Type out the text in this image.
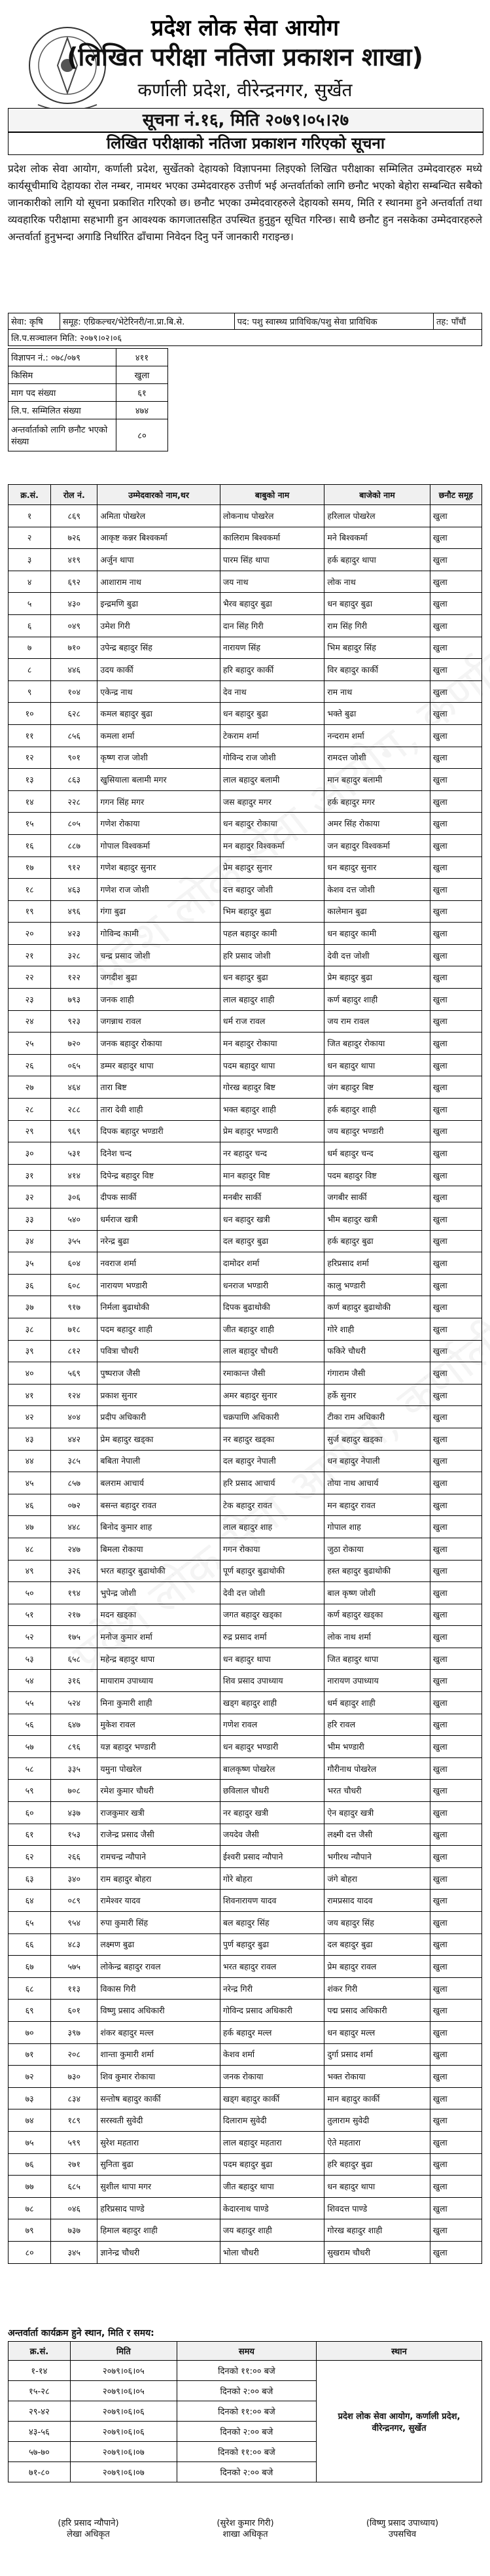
प्रदेश लोक सेवा आयोग
(लिखित परीक्षा नतिजा प्रकाशन शाखा)
कर्णाली प्रदेश, वीरेन्द्रनगर, सुर्खेत
सूचना नं.१६, मिति २०७९।०५।२७
लिखित परीक्षाको नतिजा प्रकाशन गरिएको सूचना
प्रदेश लोक सेवा आयोग, कर्णाली प्रदेश, सुर्खेतको देहायको विज्ञापनमा लिइएको लिखित परीक्षाका सम्मिलित उम्मेदवारहरु मध्ये कार्यसूचीमाथि देहायका रोल नम्बर, नामथर भएका उम्मेदवारहरु उत्तीर्ण भई अन्तर्वार्ताको लागि छनौट भएको बेहोरा सम्बन्धित सबैको जानकारीको लागि यो सूचना प्रकाशित गरिएको छ। छनौट भएका उम्मेदवारहरुले देहायको समय, मिति र स्थानमा हुने अन्तर्वार्ता तथा व्यवहारिक परीक्षामा सहभागी हुन आवश्यक कागजातसहित उपस्थित हुनुहुन सूचित गरिन्छ। साथै छनौट हुन नसकेका उम्मेदवारहरुले अन्तर्वार्ता हुनुभन्दा अगाडि निर्धारित ढाँचामा निवेदन दिनु पर्ने जानकारी गराइन्छ।
सेवा: कृषि	समूह: एग्रिकल्चर/भेटेरिनरी/ना.प्रा.बि.से.	पद: पशु स्वास्थ्य प्राविधिक/पशु सेवा प्राविधिक	तह: पाँचौं
लि.प.सञ्चालन मिति: २०७९।०२।०६
विज्ञापन नं.: ०७८/०७९	४११
किसिम	खुला
माग पद संख्या	६१
लि.प. सम्मिलित संख्या	४७४
अन्तर्वार्ताको लागि छनौट भएको संख्या	८०
क्र.सं.	रोल नं.	उम्मेदवारको नाम,थर	बाबुको नाम	बाजेको नाम	छनौट समूह
१	८६९	अमिता पोखरेल	लोकनाथ पोखरेल	हरिलाल पोखरेल	खुला
२	७२६	आकृष्ट कन्नर बिश्वकर्मा	कालिराम बिश्वकर्मा	मने बिश्वकर्मा	खुला
३	४१९	अर्जुन थापा	पारम सिंह थापा	हर्क बहादुर थापा	खुला
४	६९२	आशाराम नाथ	जय नाथ	लोक नाथ	खुला
५	४३०	इन्द्रमणि बुढा	भैरव बहादुर बुढा	धन बहादुर बुढा	खुला
६	०४९	उमेश गिरी	दान सिंह गिरी	राम सिंह गिरी	खुला
७	७१०	उपेन्द्र बहादुर सिंह	नारायण सिंह	भिम बहादुर सिंह	खुला
८	४४६	उदय कार्की	हरि बहादुर कार्की	विर बहादुर कार्की	खुला
९	१०४	एकेन्द्र नाथ	देव नाथ	राम नाथ	खुला
१०	६२८	कमल बहादुर बुढा	धन बहादुर बुढा	भक्ते बुढा	खुला
११	८५६	कमला शर्मा	टेकराम शर्मा	नन्दराम शर्मा	खुला
१२	९०१	कृष्ण राज जोशी	गोविन्द राज जोशी	रामदत्त जोशी	खुला
१३	८६३	खुसियाला बलामी मगर	लाल बहादुर बलामी	मान बहादुर बलामी	खुला
१४	२२८	गगन सिंह मगर	जस बहादुर मगर	हर्क बहादुर मगर	खुला
१५	८०५	गणेश रोकाया	धन बहादुर रोकाया	अमर सिंह रोकाया	खुला
१६	८८७	गोपाल विश्वकर्मा	मन बहादुर विश्वकर्मा	जन बहादुर विश्वकर्मा	खुला
१७	९१२	गणेश बहादुर सुनार	प्रेम बहादुर सुनार	धन बहादुर सुनार	खुला
१८	४६३	गणेश राज जोशी	दत्त बहादुर जोशी	केशव दत्त जोशी	खुला
१९	४९६	गंगा बुढा	भिम बहादुर बुढा	कालेमान बुढा	खुला
२०	४२३	गोविन्द कामी	पहल बहादुर कामी	धन बहादुर कामी	खुला
२१	३२८	चन्द्र प्रसाद जोशी	हरि प्रसाद जोशी	देवी दत्त जोशी	खुला
२२	१२२	जगदीश बुढा	धन बहादुर बुढा	प्रेम बहादुर बुढा	खुला
२३	७९३	जनक शाही	लाल बहादुर शाही	कर्ण बहादुर शाही	खुला
२४	९२३	जगन्नाथ रावल	धर्म राज रावल	जय राम रावल	खुला
२५	७२०	जनक बहादुर रोकाया	मन बहादुर रोकाया	जित बहादुर रोकाया	खुला
२६	०६५	डम्मर बहादुर थापा	पदम बहादुर थापा	धन बहादुर थापा	खुला
२७	४६४	तारा बिष्ट	गोरख बहादुर बिष्ट	जंग बहादुर बिष्ट	खुला
२८	२८८	तारा देवी शाही	भक्त बहादुर शाही	हर्क बहादुर शाही	खुला
२९	९६९	दिपक बहादुर भण्डारी	प्रेम बहादुर भण्डारी	जय बहादुर भण्डारी	खुला
३०	५३१	दिनेश चन्द	नर बहादुर चन्द	धर्म बहादुर चन्द	खुला
३१	४१४	दिपेन्द्र बहादुर विष्ट	मान बहादुर विष्ट	पदम बहादुर विष्ट	खुला
३२	३०६	दीपक सार्की	मनबीर सार्की	जगबीर सार्की	खुला
३३	५४०	धर्मराज खत्री	धन बहादुर खत्री	भीम बहादुर खत्री	खुला
३४	३५५	नरेन्द्र बुढा	दल बहादुर बुढा	हर्क बहादुर बुढा	खुला
३५	६०४	नवराज शर्मा	दामोदर शर्मा	हरिप्रसाद शर्मा	खुला
३६	६०८	नारायण भण्डारी	धनराज भण्डारी	कालु भण्डारी	खुला
३७	९१७	निर्मला बुढाथोकी	दिपक बुढाथोकी	कर्ण बहादुर बुढाथोकी	खुला
३८	७१८	पदम बहादुर शाही	जीत बहादुर शाही	गोरे शाही	खुला
३९	८१२	पवित्रा चौधरी	लाल बहादुर चौधरी	फकिरे चौधरी	खुला
४०	५६९	पुष्पराज जैसी	रमाकान्त जैसी	गंगाराम जैसी	खुला
४१	१२४	प्रकाश सुनार	अमर बहादुर सुनार	हर्के सुनार	खुला
४२	४०४	प्रदीप अधिकारी	चक्रपाणि अधिकारी	टीका राम अधिकारी	खुला
४३	४४२	प्रेम बहादुर खड्का	नर बहादुर खड्का	सुर्ज बहादुर खड्का	खुला
४४	३८५	बबिता नेपाली	दल बहादुर नेपाली	धन बहादुर नेपाली	खुला
४५	८५७	बलराम आचार्य	हरि प्रसाद आचार्य	तोया नाथ आचार्य	खुला
४६	०७२	बसन्त बहादुर रावत	टेक बहादुर रावत	मन बहादुर रावत	खुला
४७	४४८	बिनोद कुमार शाह	लाल बहादुर शाह	गोपाल शाह	खुला
४८	२४७	बिमला रोकाया	गगन रोकाया	जुठा रोकाया	खुला
४९	३२६	भरत बहादुर बुढाथोकी	पूर्ण बहादुर बुढाथोकी	हस्त बहादुर बुढाथोकी	खुला
५०	१९४	भुपेन्द्र जोशी	देवी दत्त जोशी	बाल कृष्ण जोशी	खुला
५१	२१७	मदन खड्का	जगत बहादुर खड्का	कर्ण बहादुर खड्का	खुला
५२	१७५	मनोज कुमार शर्मा	रुद्र प्रसाद शर्मा	लोक नाथ शर्मा	खुला
५३	६५८	महेन्द्र बहादुर थापा	धन बहादुर थापा	जित बहादुर थापा	खुला
५४	३१६	मायाराम उपाध्याय	शिव प्रसाद उपाध्याय	नारायण उपाध्याय	खुला
५५	५२४	मिना कुमारी शाही	खड्ग बहादुर शाही	धर्म बहादुर शाही	खुला
५६	६४७	मुकेश रावल	गणेश रावल	हरि रावल	खुला
५७	८९६	यज्ञ बहादुर भण्डारी	धन बहादुर भण्डारी	भीम भण्डारी	खुला
५८	३३५	यमुना पोखरेल	बालकृष्ण पोखरेल	गौरीनाथ पोखरेल	खुला
५९	७०८	रमेश कुमार चौधरी	छविलाल चौधरी	भरत चौधरी	खुला
६०	४३७	राजकुमार खत्री	नर बहादुर खत्री	ऐन बहादुर खत्री	खुला
६१	१५३	राजेन्द्र प्रसाद जैसी	जयदेव जैसी	लक्ष्मी दत्त जैसी	खुला
६२	२६६	रामचन्द्र न्यौपाने	ईश्वरी प्रसाद न्यौपाने	भगीरथ न्यौपाने	खुला
६३	३४०	राम बहादुर बोहरा	गोरे बोहरा	जंगे बोहरा	खुला
६४	०८९	रामेश्वर यादव	शिवनारायण यादव	रामप्रसाद यादव	खुला
६५	९५४	रुपा कुमारी सिंह	बल बहादुर सिंह	जय बहादुर सिंह	खुला
६६	४८३	लक्ष्मण बुढा	पुर्ण बहादुर बुढा	दल बहादुर बुढा	खुला
६७	५७५	लोकेन्द्र बहादुर रावल	भरत बहादुर रावल	प्रेम बहादुर रावल	खुला
६८	११३	विकास गिरी	नरेन्द्र गिरी	शंकर गिरी	खुला
६९	६०१	विष्णु प्रसाद अधिकारी	गोविन्द प्रसाद अधिकारी	पद्म प्रसाद अधिकारी	खुला
७०	३९७	शंकर बहादुर मल्ल	हर्क बहादुर मल्ल	धन बहादुर मल्ल	खुला
७१	२०८	शान्ता कुमारी शर्मा	केशव शर्मा	दुर्गा प्रसाद शर्मा	खुला
७२	७३०	शिव कुमार रोकाया	जनक रोकाया	भक्त रोकाया	खुला
७३	८३४	सन्तोष बहादुर कार्की	खड्ग बहादुर कार्की	मान बहादुर कार्की	खुला
७४	१८९	सरस्वती सुवेदी	दिलाराम सुवेदी	तुलाराम सुवेदी	खुला
७५	५९९	सुरेश महतारा	लाल बहादुर महतारा	ऐते महतारा	खुला
७६	२७१	सुनिता बुढा	पदम बहादुर बुढा	हरि बहादुर बुढा	खुला
७७	६८५	सुशील थापा मगर	जीत बहादुर थापा	धन बहादुर थापा	खुला
७८	०४६	हरिप्रसाद पाण्डे	केदारनाथ पाण्डे	शिवदत्त पाण्डे	खुला
७९	७३७	हिमाल बहादुर शाही	जय बहादुर शाही	गोरख बहादुर शाही	खुला
८०	३४५	ज्ञानेन्द्र चौधरी	भोला चौधरी	सुखराम चौधरी	खुला
अन्तर्वार्ता कार्यक्रम हुने स्थान, मिति र समय:
क्र.सं.	मिति	समय	स्थान
१-१४	२०७९।०६।०५	दिनको ११:०० बजे	प्रदेश लोक सेवा आयोग, कर्णाली प्रदेश, वीरेन्द्रनगर, सुर्खेत
१५-२८	२०७९।०६।०५	दिनको २:०० बजे	
२९-४२	२०७९।०६।०६	दिनको ११:०० बजे	
४३-५६	२०७९।०६।०६	दिनको २:०० बजे	
५७-७०	२०७९।०६।०७	दिनको ११:०० बजे	
७१-८०	२०७९।०६।०७	दिनको २:०० बजे	
(हरि प्रसाद न्यौपाने)
लेखा अधिकृत
(सुरेश कुमार गिरी)
शाखा अधिकृत
(विष्णु प्रसाद उपाध्याय)
उपसचिव
